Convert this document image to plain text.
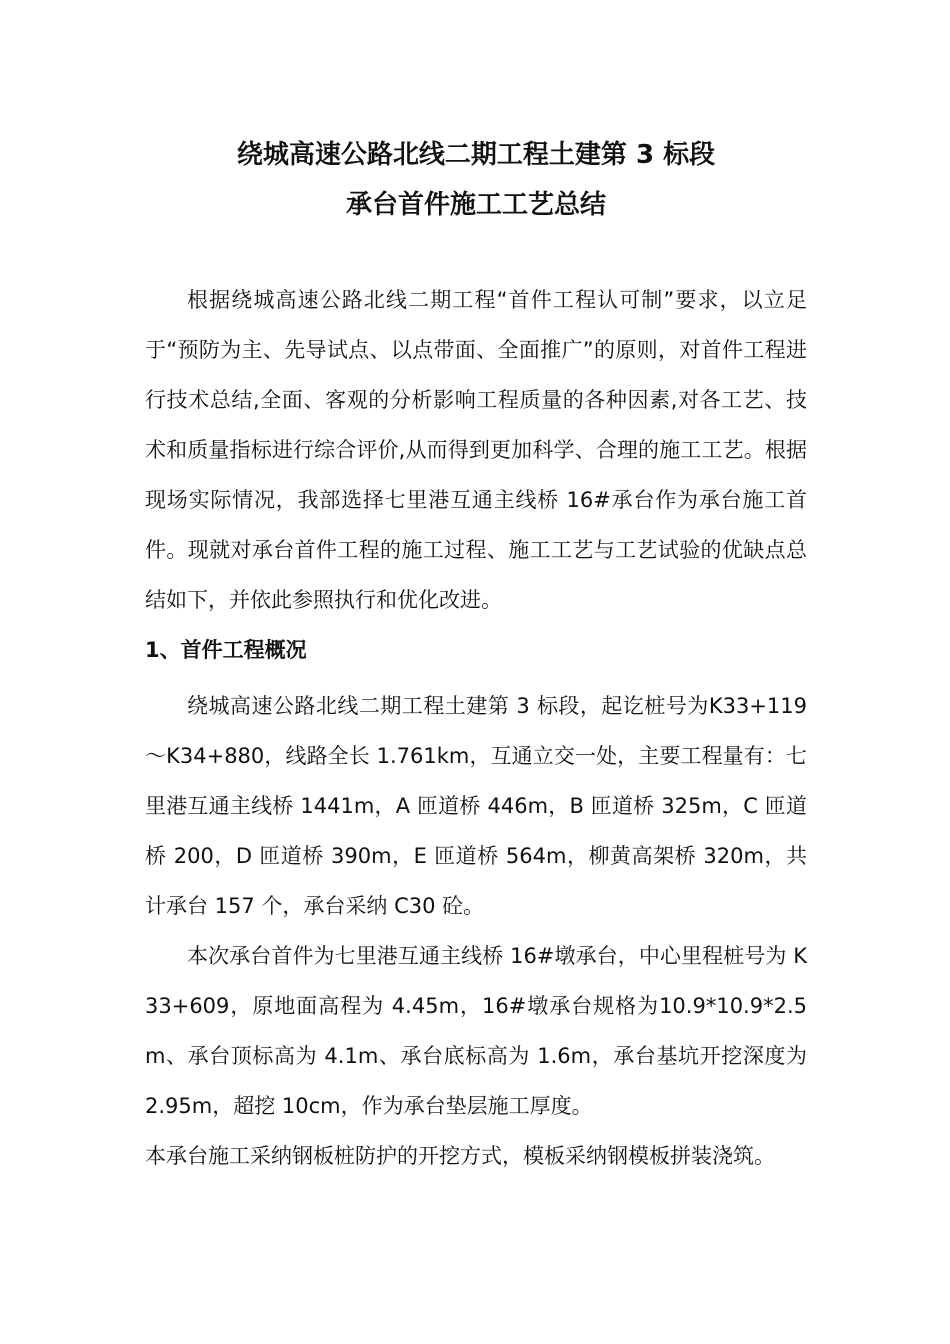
绕城高速公路北线二期工程土建第 3 标段
承台首件施工工艺总结

根据绕城高速公路北线二期工程“首件工程认可制”要求，以立足于“预防为主、先导试点、以点带面、全面推广”的原则，对首件工程进行技术总结,全面、客观的分析影响工程质量的各种因素,对各工艺、技术和质量指标进行综合评价,从而得到更加科学、合理的施工工艺。根据现场实际情况，我部选择七里港互通主线桥 16#承台作为承台施工首件。现就对承台首件工程的施工过程、施工工艺与工艺试验的优缺点总结如下，并依此参照执行和优化改进。

1、首件工程概况

绕城高速公路北线二期工程土建第 3 标段，起讫桩号为K33+119～K34+880，线路全长 1.761km，互通立交一处，主要工程量有：七里港互通主线桥 1441m，A 匝道桥 446m，B 匝道桥 325m，C 匝道桥 200，D 匝道桥 390m，E 匝道桥 564m，柳黄高架桥 320m，共计承台 157 个，承台采纳 C30 砼。

本次承台首件为七里港互通主线桥 16#墩承台，中心里程桩号为 K33+609，原地面高程为 4.45m，16#墩承台规格为10.9*10.9*2.5m、承台顶标高为 4.1m、承台底标高为 1.6m，承台基坑开挖深度为 2.95m，超挖 10cm，作为承台垫层施工厚度。

本承台施工采纳钢板桩防护的开挖方式，模板采纳钢模板拼装浇筑。
